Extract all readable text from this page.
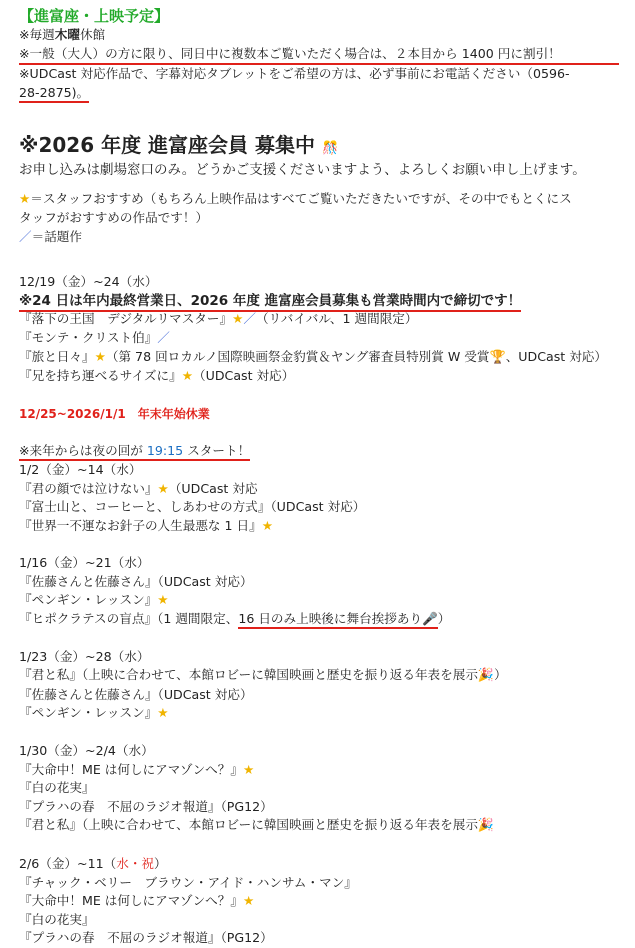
【進富座・上映予定】
※毎週木曜休館
※一般（大人）の方に限り、同日中に複数本ご覧いただく場合は、２本目から 1400 円に割引！
※UDCast 対応作品で、字幕対応タブレットをご希望の方は、必ず事前にお電話ください（0596-
28-2875)。
※2026 年度 進富座会員 募集中 🎊
お申し込みは劇場窓口のみ。どうかご支援くださいますよう、よろしくお願い申し上げます。
★＝スタッフおすすめ（もちろん上映作品はすべてご覧いただきたいですが、その中でもとくにス
タッフがおすすめの作品です！）
／＝話題作
12/19（金）~24（水）
※24 日は年内最終営業日、2026 年度 進富座会員募集も営業時間内で締切です！
『落下の王国　デジタルリマスター』★／（リバイバル、1 週間限定）
『モンテ・クリスト伯』／
『旅と日々』★（第 78 回ロカルノ国際映画祭金豹賞＆ヤング審査員特別賞 W 受賞🏆、UDCast 対応）
『兄を持ち運べるサイズに』★（UDCast 対応）
12/25~2026/1/1　年末年始休業
※来年からは夜の回が 19:15 スタート！
1/2（金）~14（水）
『君の顔では泣けない』★（UDCast 対応
『富士山と、コーヒーと、しあわせの方式』（UDCast 対応）
『世界一不運なお針子の人生最悪な 1 日』★
1/16（金）~21（水）
『佐藤さんと佐藤さん』（UDCast 対応）
『ペンギン・レッスン』★
『ヒポクラテスの盲点』（1 週間限定、16 日のみ上映後に舞台挨拶あり🎤）
1/23（金）~28（水）
『君と私』（上映に合わせて、本館ロビーに韓国映画と歴史を振り返る年表を展示🎉）
『佐藤さんと佐藤さん』（UDCast 対応）
『ペンギン・レッスン』★
1/30（金）~2/4（水）
『大命中！ME は何しにアマゾンへ？』★
『白の花実』
『プラハの春　不屈のラジオ報道』（PG12）
『君と私』（上映に合わせて、本館ロビーに韓国映画と歴史を振り返る年表を展示🎉
2/6（金）~11（水・祝）
『チャック・ベリー　ブラウン・アイド・ハンサム・マン』
『大命中！ME は何しにアマゾンへ？』★
『白の花実』
『プラハの春　不屈のラジオ報道』（PG12）
